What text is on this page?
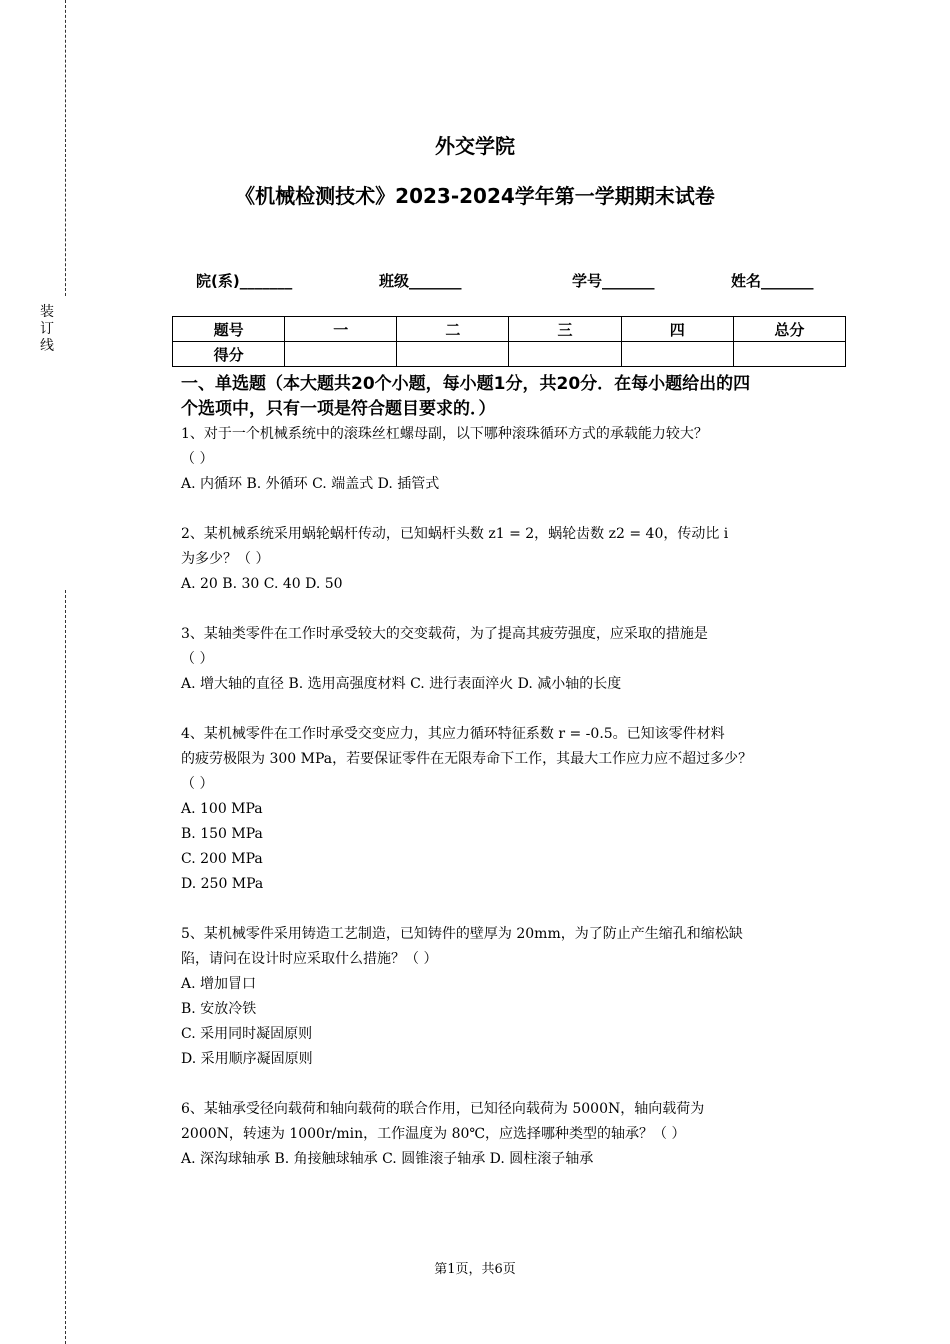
装
订
线
外交学院
《机械检测技术》2023-2024学年第一学期期末试卷
院(系)_______	班级_______	学号_______	姓名_______
题号	一	二	三	四	总分
得分					
一、单选题（本大题共20个小题，每小题1分，共20分．在每小题给出的四
个选项中，只有一项是符合题目要求的．）
1、对于一个机械系统中的滚珠丝杠螺母副，以下哪种滚珠循环方式的承载能力较大？
（ ）
A. 内循环 B. 外循环 C. 端盖式 D. 插管式
2、某机械系统采用蜗轮蜗杆传动，已知蜗杆头数 z1 = 2，蜗轮齿数 z2 = 40，传动比 i
为多少？（ ）
A. 20 B. 30 C. 40 D. 50
3、某轴类零件在工作时承受较大的交变载荷，为了提高其疲劳强度，应采取的措施是
（ ）
A. 增大轴的直径 B. 选用高强度材料 C. 进行表面淬火 D. 减小轴的长度
4、某机械零件在工作时承受交变应力，其应力循环特征系数 r = -0.5。已知该零件材料
的疲劳极限为 300 MPa，若要保证零件在无限寿命下工作，其最大工作应力应不超过多少？
（ ）
A. 100 MPa
B. 150 MPa
C. 200 MPa
D. 250 MPa
5、某机械零件采用铸造工艺制造，已知铸件的壁厚为 20mm，为了防止产生缩孔和缩松缺
陷，请问在设计时应采取什么措施？（ ）
A. 增加冒口
B. 安放冷铁
C. 采用同时凝固原则
D. 采用顺序凝固原则
6、某轴承受径向载荷和轴向载荷的联合作用，已知径向载荷为 5000N，轴向载荷为
2000N，转速为 1000r/min，工作温度为 80℃，应选择哪种类型的轴承？（ ）
A. 深沟球轴承 B. 角接触球轴承 C. 圆锥滚子轴承 D. 圆柱滚子轴承
第1页，共6页
